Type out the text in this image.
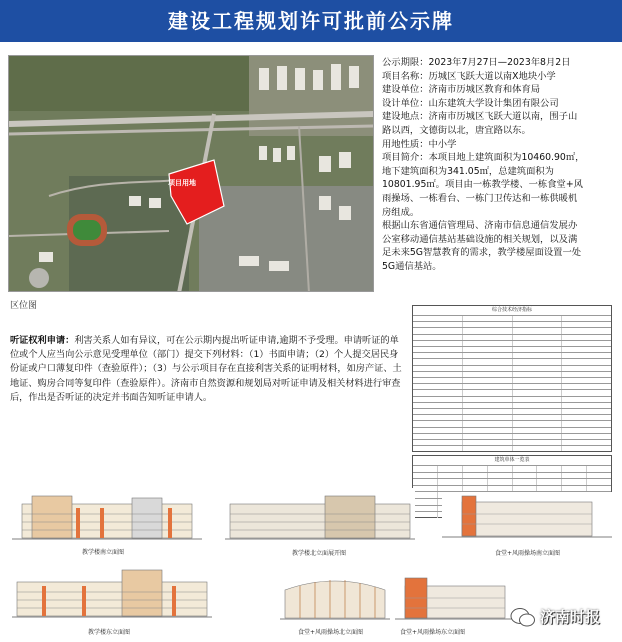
建设工程规划许可批前公示牌
项目用地
区位图

公示期限：2023年7月27日—2023年8月2日

项目名称：历城区飞跃大道以南X地块小学

建设单位：济南市历城区教育和体育局

设计单位：山东建筑大学设计集团有限公司

建设地点：济南市历城区飞跃大道以南，围子山

路以西，文德街以北，唐宜路以东。

用地性质：中小学

项目简介：本项目地上建筑面积为10460.90㎡，

地下建筑面积为341.05㎡，总建筑面积为

10801.95㎡。项目由一栋教学楼、一栋食堂+风

雨操场、一栋看台、一栋门卫传达和一栋供暖机

房组成。

根据山东省通信管理局、济南市信息通信发展办

公室移动通信基站基础设施的相关规划，以及满

足未来5G智慧教育的需求，教学楼屋面设置一处

5G通信基站。

听证权利申请：利害关系人如有异议，可在公示期内提出听证申请,逾期不予受理。申请听证的单位或个人应当向公示意见受理单位（部门）提交下列材料：（1）书面申请；（2）个人提交居民身份证或户口薄复印件（查验原件）；（3）与公示项目存在直接利害关系的证明材料，如房产证、土地证、购房合同等复印件（查验原件）。济南市自然资源和规划局对听证申请及相关材料进行审查后，作出是否听证的决定并书面告知听证申请人。
综合技术经济指标
建筑单体一览表
教学楼南立面图	教学楼北立面展开图	食堂+风雨操场南立面图
教学楼东立面图	食堂+风雨操场北立面图	食堂+风雨操场东立面图
济南时报
